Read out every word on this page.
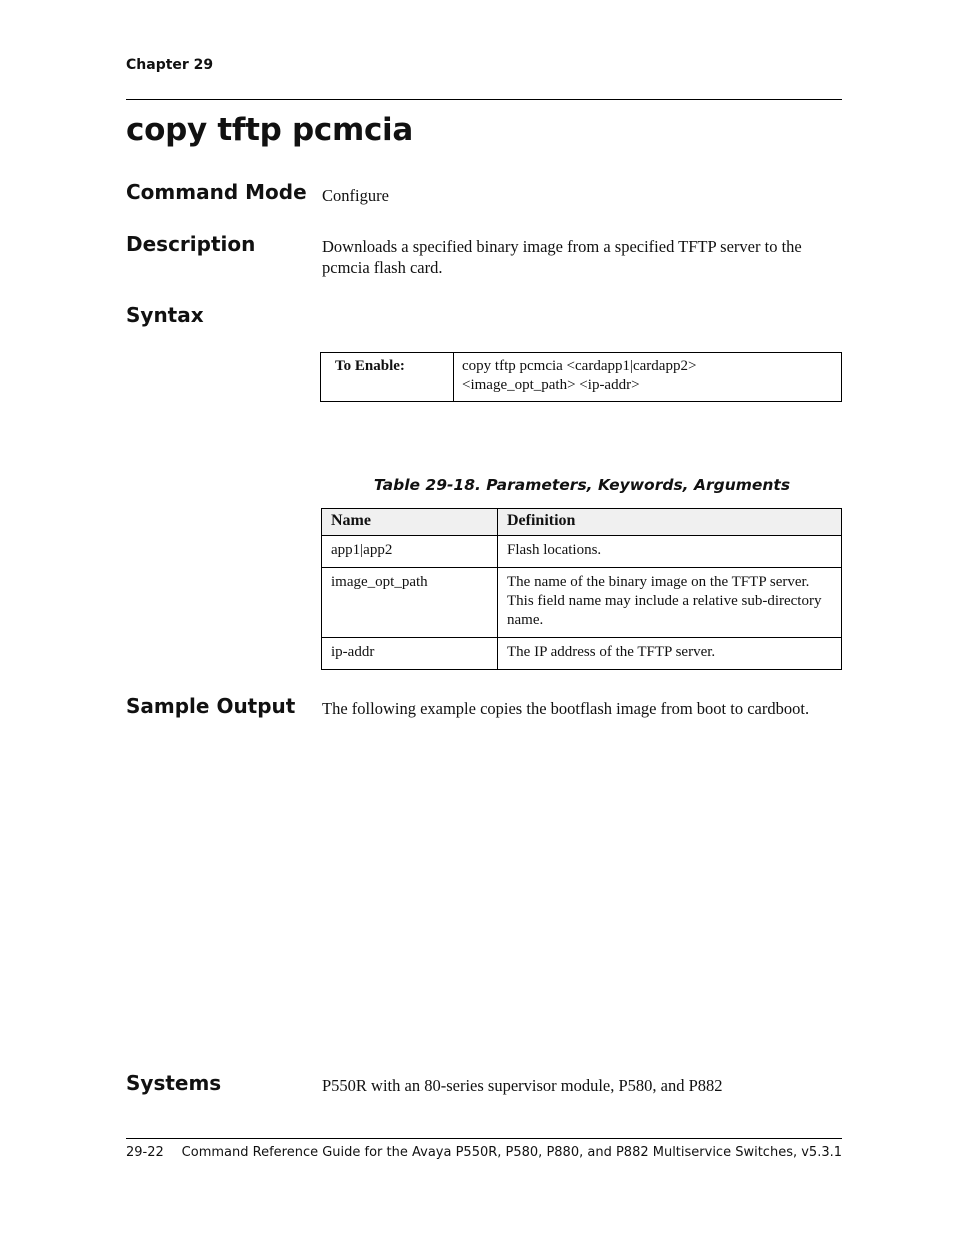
Chapter 29
copy tftp pcmcia
Command Mode Configure

Description	Downloads a specified binary image from a specified TFTP server to the pcmcia flash card.

Syntax
To Enable:	copy tftp pcmcia <cardapp1|cardapp2>
<image_opt_path> <ip-addr>
Table 29-18. Parameters, Keywords, Arguments
Name	Definition
app1|app2	Flash locations.
image_opt_path	The name of the binary image on the TFTP server. This field name may include a relative sub-directory name.
ip-addr	The IP address of the TFTP server.
Sample Output The following example copies the bootflash image from boot to cardboot.

Systems	P550R with an 80-series supervisor module, P580, and P882

29-22 Command Reference Guide for the Avaya P550R, P580, P880, and P882 Multiservice Switches, v5.3.1
